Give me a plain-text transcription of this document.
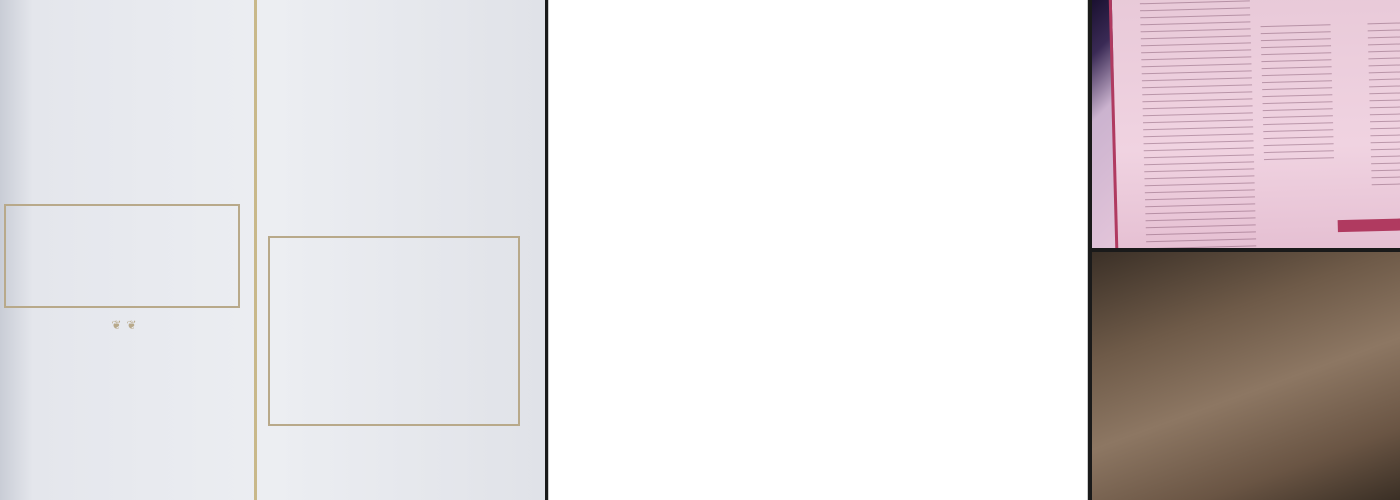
❦ ❦
